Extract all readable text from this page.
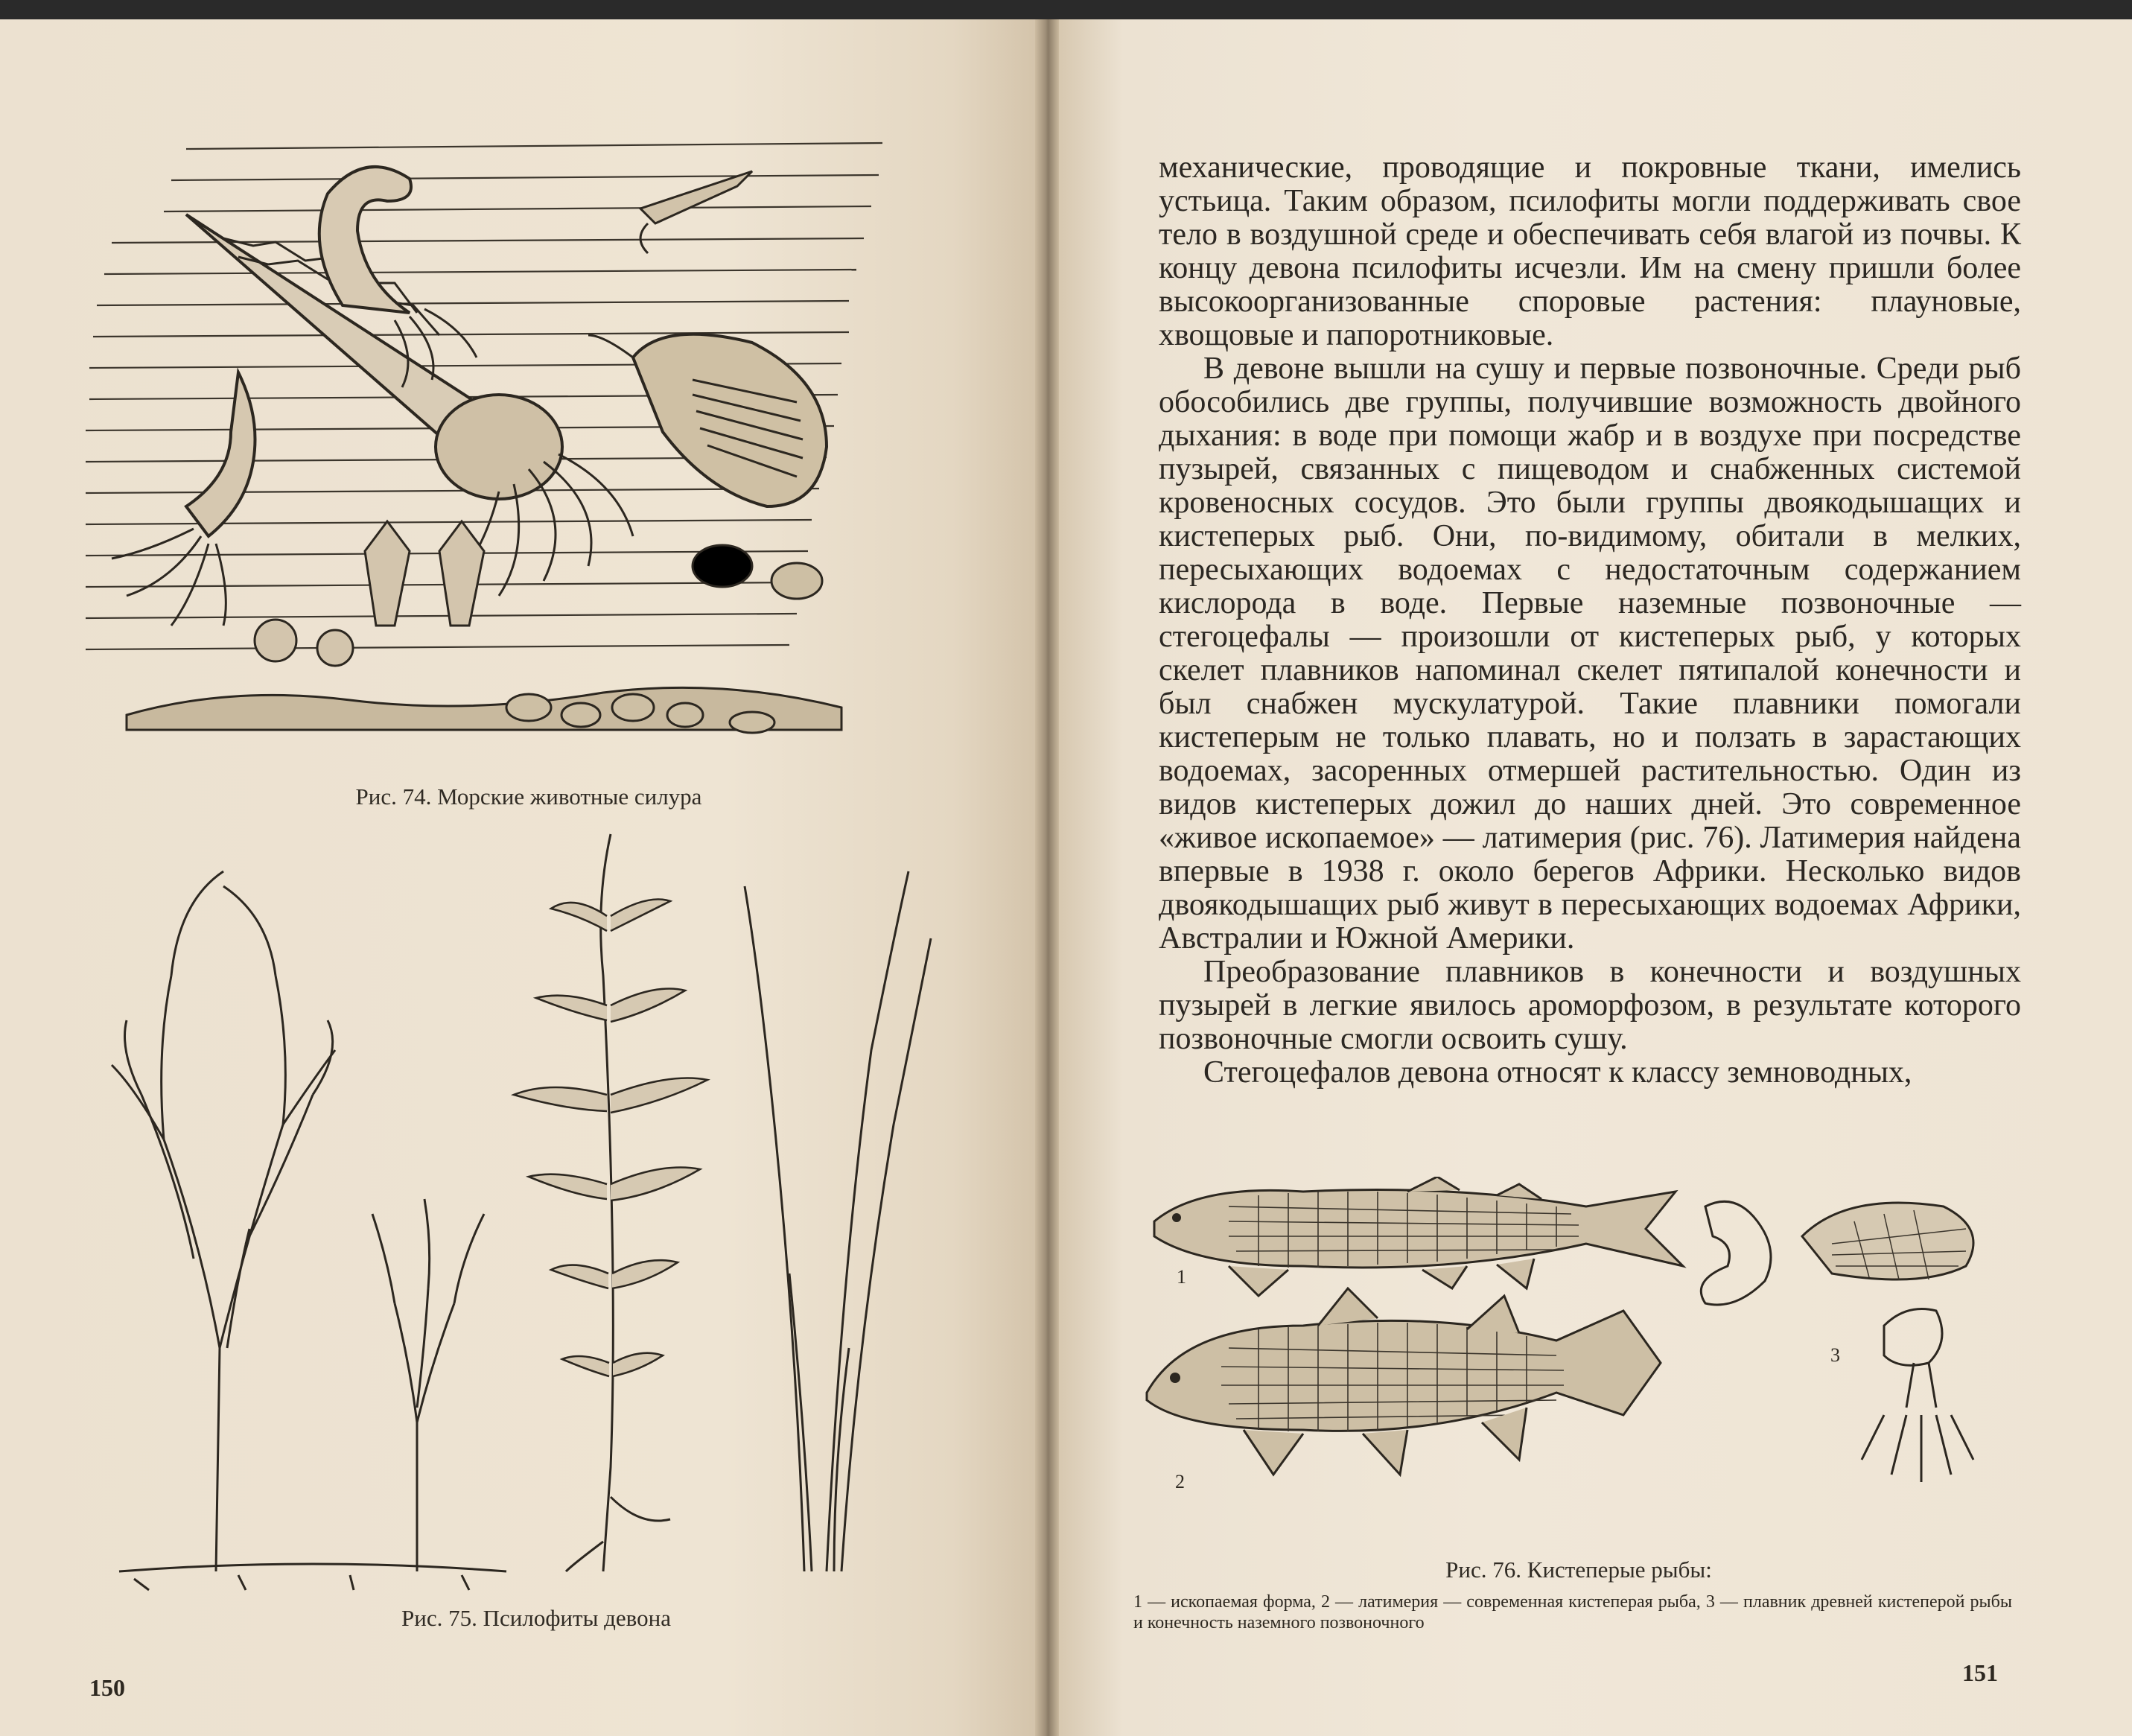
Рис. 74. Морские животные силура
Рис. 75. Псилофиты девона
150

механические, проводящие и покровные ткани, имелись устьица. Таким образом, псилофиты могли поддерживать свое тело в воздушной среде и обеспечивать себя влагой из почвы. К концу девона псилофиты исчезли. Им на смену пришли более высокоорганизованные споровые растения: плауновые, хвощовые и папоротниковые.

В девоне вышли на сушу и первые позвоночные. Среди рыб обособились две группы, получившие возможность двойного дыхания: в воде при помощи жабр и в воздухе при посредстве пузырей, связанных с пищеводом и снабженных системой кровеносных сосудов. Это были группы двоякодышащих и кистеперых рыб. Они, по-видимому, обитали в мелких, пересыхающих водоемах с недостаточным содержанием кислорода в воде. Первые наземные позвоночные — стегоцефалы — произошли от кистеперых рыб, у которых скелет плавников напоминал скелет пятипалой конечности и был снабжен мускулатурой. Такие плавники помогали кистеперым не только плавать, но и ползать в зарастающих водоемах, засоренных отмершей растительностью. Один из видов кистеперых дожил до наших дней. Это современное «живое ископаемое» — латимерия (рис. 76). Латимерия найдена впервые в 1938 г. около берегов Африки. Несколько видов двоякодышащих рыб живут в пересыхающих водоемах Африки, Австралии и Южной Америки.

Преобразование плавников в конечности и воздушных пузырей в легкие явилось ароморфозом, в результате которого позвоночные смогли освоить сушу.

Стегоцефалов девона относят к классу земноводных,

1
2
3
Рис. 76. Кистеперые рыбы:
1 — ископаемая форма, 2 — латимерия — современная кистеперая рыба, 3 — плавник древней кистеперой рыбы и конечность наземного позвоночного
151
